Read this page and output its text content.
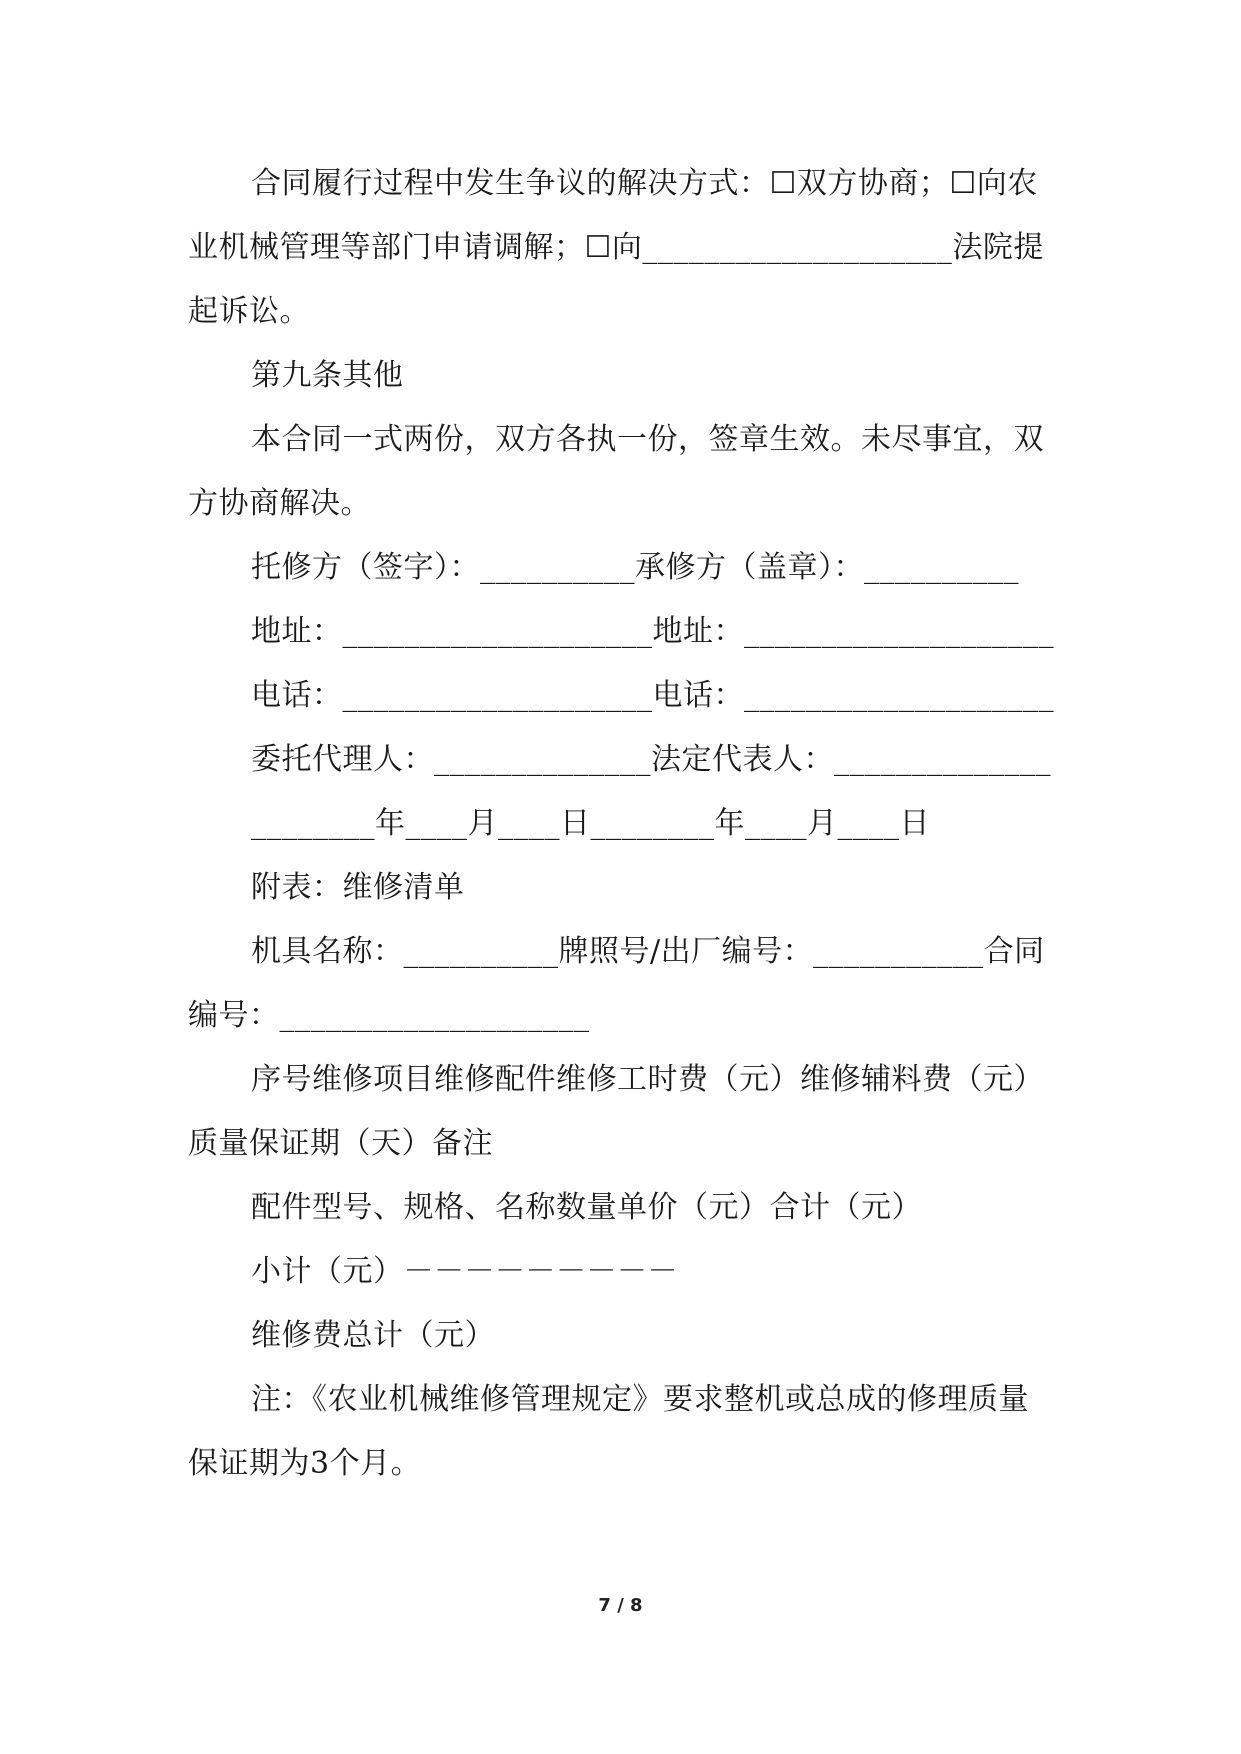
合同履行过程中发生争议的解决方式：☐双方协商；☐向农
业机械管理等部门申请调解；☐向____________________法院提
起诉讼。
第九条其他
本合同一式两份，双方各执一份，签章生效。未尽事宜，双
方协商解决。
托修方（签字）：__________承修方（盖章）：__________
地址：____________________地址：____________________
电话：____________________电话：____________________
委托代理人：______________法定代表人：______________
________年____月____日________年____月____日
附表：维修清单
机具名称：__________牌照号/出厂编号：___________合同
编号：____________________
序号维修项目维修配件维修工时费（元）维修辅料费（元）
质量保证期（天）备注
配件型号、规格、名称数量单价（元）合计（元）
小计（元）－－－－－－－－－
维修费总计（元）
注：《农业机械维修管理规定》要求整机或总成的修理质量
保证期为3个月。
7 / 8
